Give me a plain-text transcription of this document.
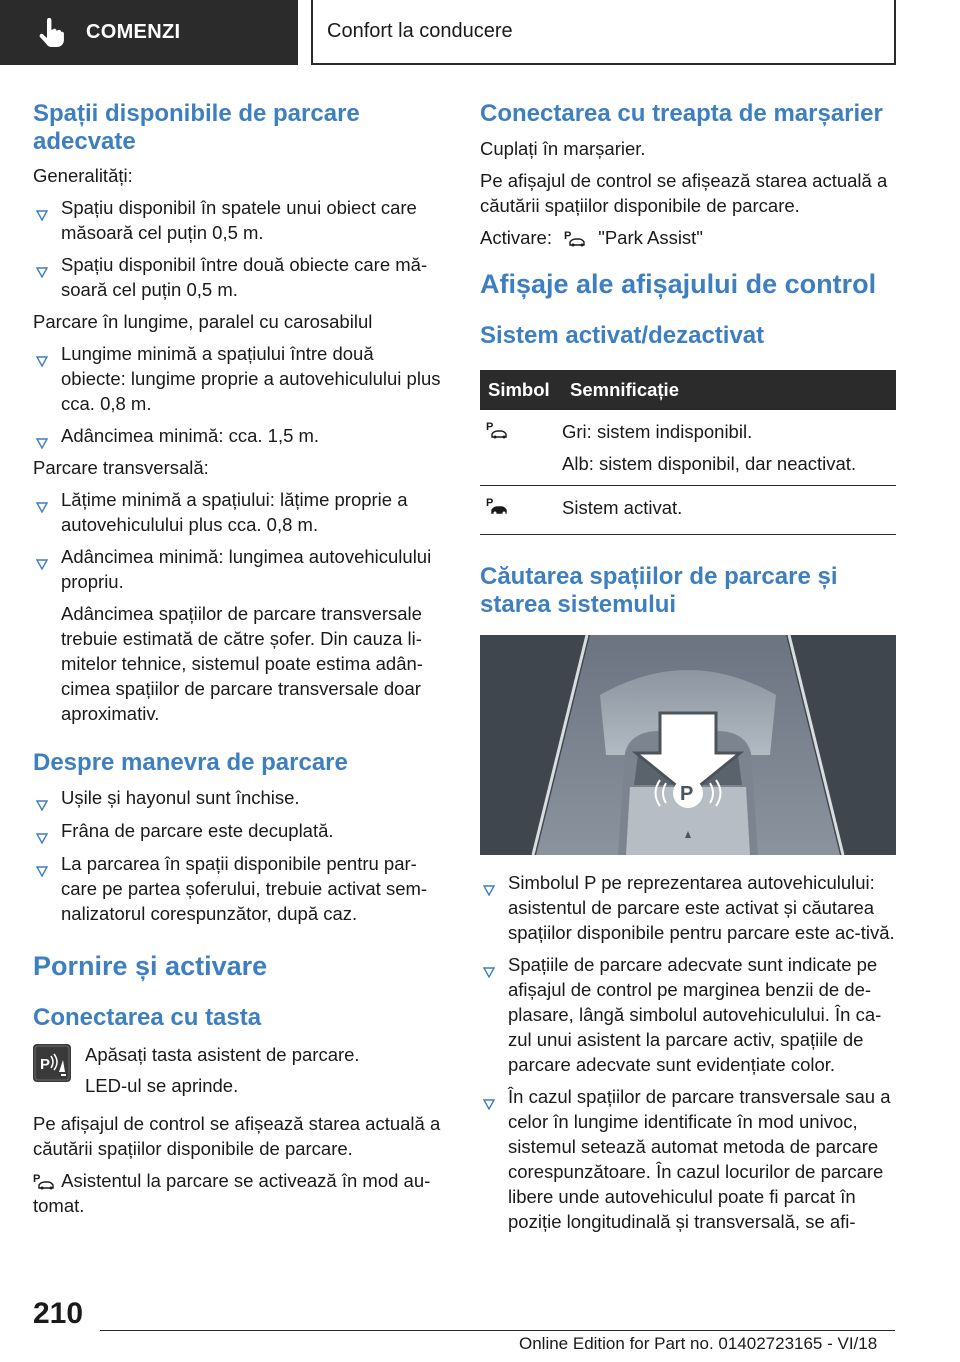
COMENZI	Confort la conducere
Spații disponibile de parcare adecvate
Generalități:
Spațiu disponibil în spatele unui obiect care măsoară cel puțin 0,5 m.
Spațiu disponibil între două obiecte care mă-soară cel puțin 0,5 m.
Parcare în lungime, paralel cu carosabilul
Lungime minimă a spațiului între două obiecte: lungime proprie a autovehiculului plus cca. 0,8 m.
Adâncimea minimă: cca. 1,5 m.
Parcare transversală:
Lățime minimă a spațiului: lățime proprie a autovehiculului plus cca. 0,8 m.
Adâncimea minimă: lungimea autovehiculului propriu.
Adâncimea spațiilor de parcare transversale trebuie estimată de către șofer. Din cauza li-mitelor tehnice, sistemul poate estima adân-cimea spațiilor de parcare transversale doar aproximativ.
Despre manevra de parcare
Ușile și hayonul sunt închise.
Frâna de parcare este decuplată.
La parcarea în spații disponibile pentru par-care pe partea șoferului, trebuie activat sem-nalizatorul corespunzător, după caz.
Pornire și activare
Conectarea cu tasta
P Apăsați tasta asistent de parcare.
LED-ul se aprinde.
Pe afișajul de control se afișează starea actuală a căutării spațiilor disponibile de parcare.
P Asistentul la parcare se activează în mod au-tomat.
Conectarea cu treapta de marșarier
Cuplați în marșarier.
Pe afișajul de control se afișează starea actuală a căutării spațiilor disponibile de parcare.
Activare: P "Park Assist"
Afișaje ale afișajului de control
Sistem activat/dezactivat
Simbol	Semnificație

P	Gri: sistem indisponibil.
Alb: sistem disponibil, dar neactivat.

P	Sistem activat.
Căutarea spațiilor de parcare și starea sistemului
P
Simbolul P pe reprezentarea autovehiculului: asistentul de parcare este activat și căutarea spațiilor disponibile pentru parcare este ac-tivă.
Spațiile de parcare adecvate sunt indicate pe afișajul de control pe marginea benzii de de-plasare, lângă simbolul autovehiculului. În ca-zul unui asistent la parcare activ, spațiile de parcare adecvate sunt evidențiate color.
În cazul spațiilor de parcare transversale sau a celor în lungime identificate în mod univoc, sistemul setează automat metoda de parcare corespunzătoare. În cazul locurilor de parcare libere unde autovehiculul poate fi parcat în poziție longitudinală și transversală, se afi-
210
Online Edition for Part no. 01402723165 - VI/18
